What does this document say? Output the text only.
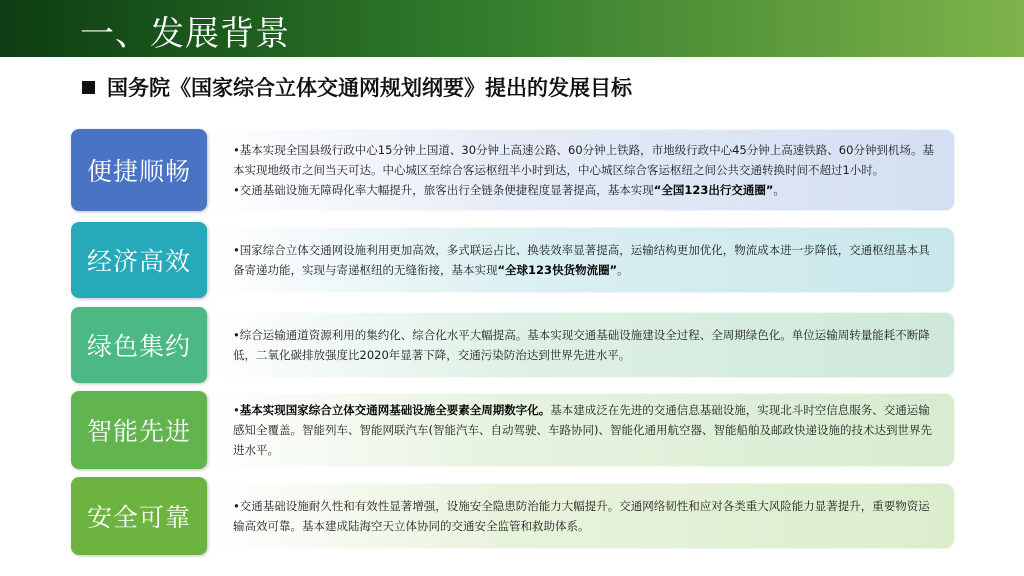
一、发展背景
国务院《国家综合立体交通网规划纲要》提出的发展目标
便捷顺畅
•基本实现全国县级行政中心15分钟上国道、30分钟上高速公路、60分钟上铁路，市地级行政中心45分钟上高速铁路、60分钟到机场。基本实现地级市之间当天可达。中心城区至综合客运枢纽半小时到达，中心城区综合客运枢纽之间公共交通转换时间不超过1小时。
•交通基础设施无障碍化率大幅提升，旅客出行全链条便捷程度显著提高，基本实现“全国123出行交通圈”。
经济高效	•国家综合立体交通网设施利用更加高效，多式联运占比、换装效率显著提高，运输结构更加优化，物流成本进一步降低，交通枢纽基本具备寄递功能，实现与寄递枢纽的无缝衔接，基本实现“全球123快货物流圈”。
绿色集约	•综合运输通道资源利用的集约化、综合化水平大幅提高。基本实现交通基础设施建设全过程、全周期绿色化。单位运输周转量能耗不断降低，二氧化碳排放强度比2020年显著下降，交通污染防治达到世界先进水平。
智能先进
•基本实现国家综合立体交通网基础设施全要素全周期数字化。基本建成泛在先进的交通信息基础设施，实现北斗时空信息服务、交通运输感知全覆盖。智能列车、智能网联汽车(智能汽车、自动驾驶、车路协同)、智能化通用航空器、智能船舶及邮政快递设施的技术达到世界先进水平。
安全可靠	•交通基础设施耐久性和有效性显著增强，设施安全隐患防治能力大幅提升。交通网络韧性和应对各类重大风险能力显著提升，重要物资运输高效可靠。基本建成陆海空天立体协同的交通安全监管和救助体系。
